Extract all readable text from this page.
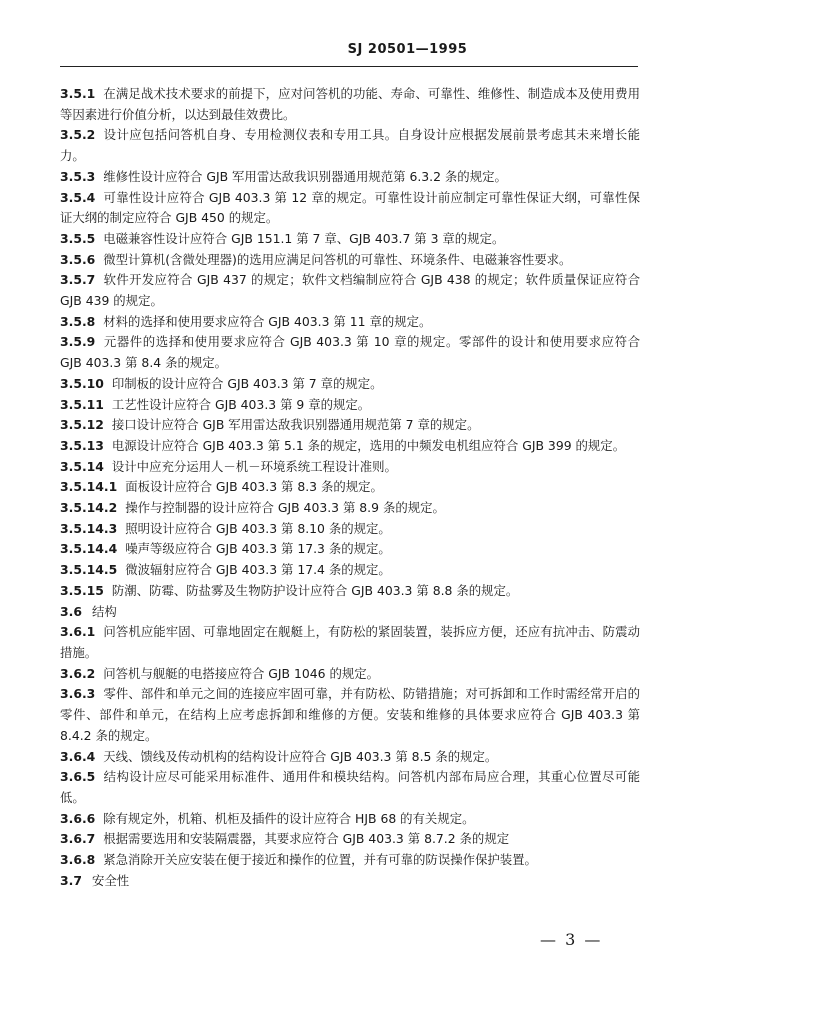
SJ 20501—1995

3.5.1 在满足战术技术要求的前提下，应对问答机的功能、寿命、可靠性、维修性、制造成本及使用费用等因素进行价值分析，以达到最佳效费比。

3.5.2 设计应包括问答机自身、专用检测仪表和专用工具。自身设计应根据发展前景考虑其未来增长能力。

3.5.3 维修性设计应符合 GJB 军用雷达敌我识别器通用规范第 6.3.2 条的规定。

3.5.4 可靠性设计应符合 GJB 403.3 第 12 章的规定。可靠性设计前应制定可靠性保证大纲，可靠性保证大纲的制定应符合 GJB 450 的规定。

3.5.5 电磁兼容性设计应符合 GJB 151.1 第 7 章、GJB 403.7 第 3 章的规定。

3.5.6 微型计算机(含微处理器)的选用应满足问答机的可靠性、环境条件、电磁兼容性要求。

3.5.7 软件开发应符合 GJB 437 的规定；软件文档编制应符合 GJB 438 的规定；软件质量保证应符合 GJB 439 的规定。

3.5.8 材料的选择和使用要求应符合 GJB 403.3 第 11 章的规定。

3.5.9 元器件的选择和使用要求应符合 GJB 403.3 第 10 章的规定。零部件的设计和使用要求应符合 GJB 403.3 第 8.4 条的规定。

3.5.10 印制板的设计应符合 GJB 403.3 第 7 章的规定。

3.5.11 工艺性设计应符合 GJB 403.3 第 9 章的规定。

3.5.12 接口设计应符合 GJB 军用雷达敌我识别器通用规范第 7 章的规定。

3.5.13 电源设计应符合 GJB 403.3 第 5.1 条的规定，选用的中频发电机组应符合 GJB 399 的规定。

3.5.14 设计中应充分运用人－机－环境系统工程设计准则。

3.5.14.1 面板设计应符合 GJB 403.3 第 8.3 条的规定。

3.5.14.2 操作与控制器的设计应符合 GJB 403.3 第 8.9 条的规定。

3.5.14.3 照明设计应符合 GJB 403.3 第 8.10 条的规定。

3.5.14.4 噪声等级应符合 GJB 403.3 第 17.3 条的规定。

3.5.14.5 微波辐射应符合 GJB 403.3 第 17.4 条的规定。

3.5.15 防潮、防霉、防盐雾及生物防护设计应符合 GJB 403.3 第 8.8 条的规定。

3.6 结构

3.6.1 问答机应能牢固、可靠地固定在舰艇上，有防松的紧固装置，装拆应方便，还应有抗冲击、防震动措施。

3.6.2 问答机与舰艇的电搭接应符合 GJB 1046 的规定。

3.6.3 零件、部件和单元之间的连接应牢固可靠，并有防松、防错措施；对可拆卸和工作时需经常开启的零件、部件和单元，在结构上应考虑拆卸和维修的方便。安装和维修的具体要求应符合 GJB 403.3 第 8.4.2 条的规定。

3.6.4 天线、馈线及传动机构的结构设计应符合 GJB 403.3 第 8.5 条的规定。

3.6.5 结构设计应尽可能采用标准件、通用件和模块结构。问答机内部布局应合理，其重心位置尽可能低。

3.6.6 除有规定外，机箱、机柜及插件的设计应符合 HJB 68 的有关规定。

3.6.7 根据需要选用和安装隔震器，其要求应符合 GJB 403.3 第 8.7.2 条的规定

3.6.8 紧急消除开关应安装在便于接近和操作的位置，并有可靠的防误操作保护装置。

3.7 安全性

— 3 —
